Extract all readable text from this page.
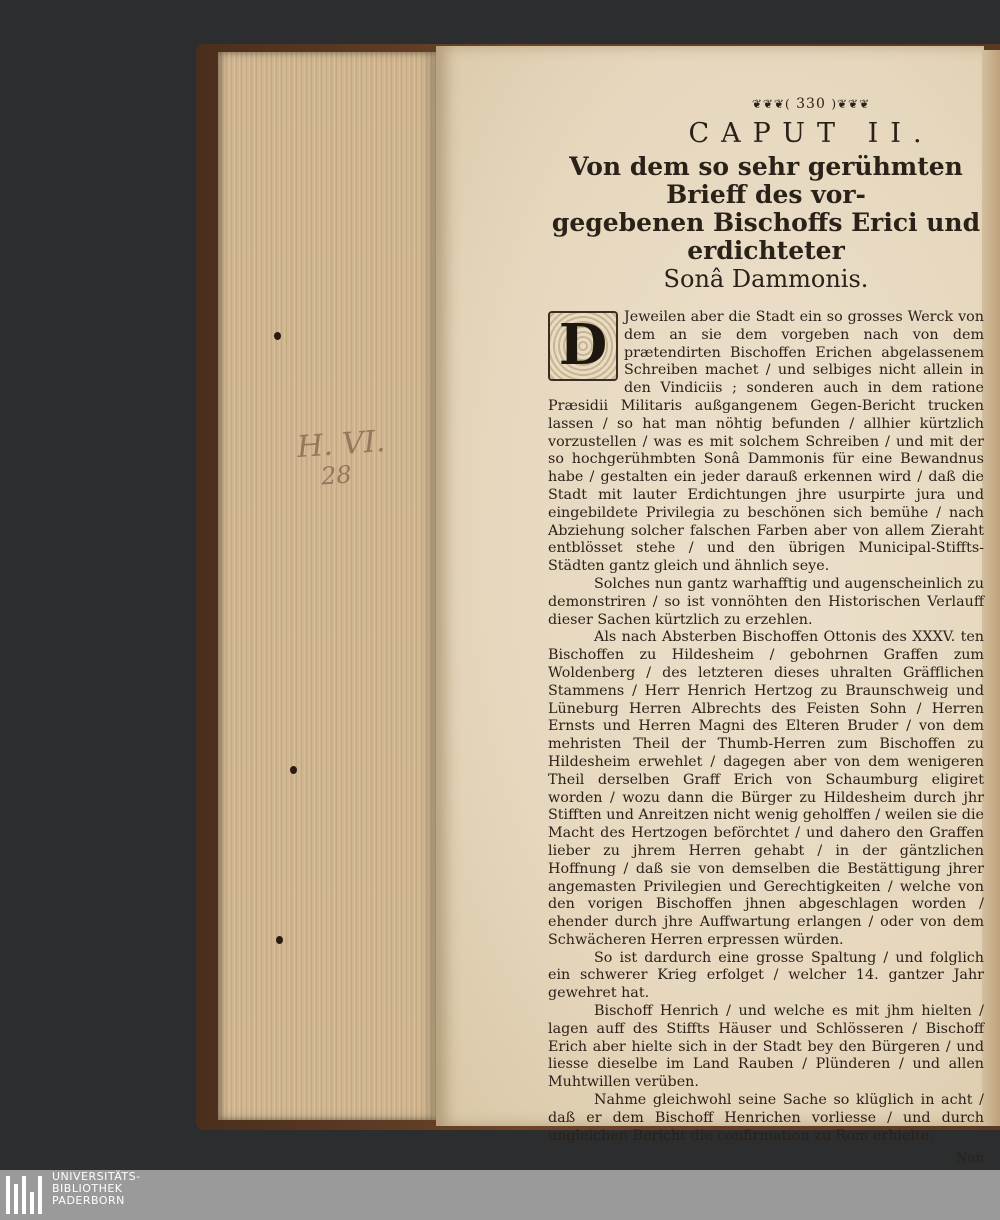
H. VI.
28
❦❦❦( 330 )❦❦❦
CAPUT II.
Von dem so sehr gerühmten Brieff des vor-
gegebenen Bischoffs Erici und erdichteter
Sonâ Dammonis.

D	Jeweilen aber die Stadt ein so grosses Werck von dem an sie dem vorgeben nach von dem prætendirten Bischoffen Erichen abgelassenem Schreiben machet / und selbiges nicht allein in den Vindiciis ; sonderen auch in dem ratione Præsidii Militaris außgangenem Gegen-Bericht trucken lassen / so hat man nöhtig befunden / allhier kürtzlich vorzustellen / was es mit solchem Schreiben / und mit der so hochgerühmbten Sonâ Dammonis für eine Bewandnus habe / gestalten ein jeder darauß erkennen wird / daß die Stadt mit lauter Erdichtungen jhre usurpirte jura und eingebildete Privilegia zu beschönen sich bemühe / nach Abziehung solcher falschen Farben aber von allem Zieraht entblösset stehe / und den übrigen Municipal-Stiffts-Städten gantz gleich und ähnlich seye.

Solches nun gantz warhafftig und augenscheinlich zu demonstriren / so ist vonnöhten den Historischen Verlauff dieser Sachen kürtzlich zu erzehlen.

Als nach Absterben Bischoffen Ottonis des XXXV. ten Bischoffen zu Hildesheim / gebohrnen Graffen zum Woldenberg / des letzteren dieses uhralten Gräfflichen Stammens / Herr Henrich Hertzog zu Braunschweig und Lüneburg Herren Albrechts des Feisten Sohn / Herren Ernsts und Herren Magni des Elteren Bruder / von dem mehristen Theil der Thumb-Herren zum Bischoffen zu Hildesheim erwehlet / dagegen aber von dem wenigeren Theil derselben Graff Erich von Schaumburg eligiret worden / wozu dann die Bürger zu Hildesheim durch jhr Stifften und Anreitzen nicht wenig geholffen / weilen sie die Macht des Hertzogen beförchtet / und dahero den Graffen lieber zu jhrem Herren gehabt / in der gäntzlichen Hoffnung / daß sie von demselben die Bestättigung jhrer angemasten Privilegien und Gerechtigkeiten / welche von den vorigen Bischoffen jhnen abgeschlagen worden / ehender durch jhre Auffwartung erlangen / oder von dem Schwächeren Herren erpressen würden.

So ist dardurch eine grosse Spaltung / und folglich ein schwerer Krieg erfolget / welcher 14. gantzer Jahr gewehret hat.

Bischoff Henrich / und welche es mit jhm hielten / lagen auff des Stiffts Häuser und Schlösseren / Bischoff Erich aber hielte sich in der Stadt bey den Bürgeren / und liesse dieselbe im Land Rauben / Plünderen / und allen Muhtwillen verüben.

Nahme gleichwohl seine Sache so klüglich in acht / daß er dem Bischoff Henrichen vorliesse / und durch ungleichen Bericht die confirmation zu Rom erhielte.

Nun
UNIVERSITÄTS-
BIBLIOTHEK
PADERBORN
